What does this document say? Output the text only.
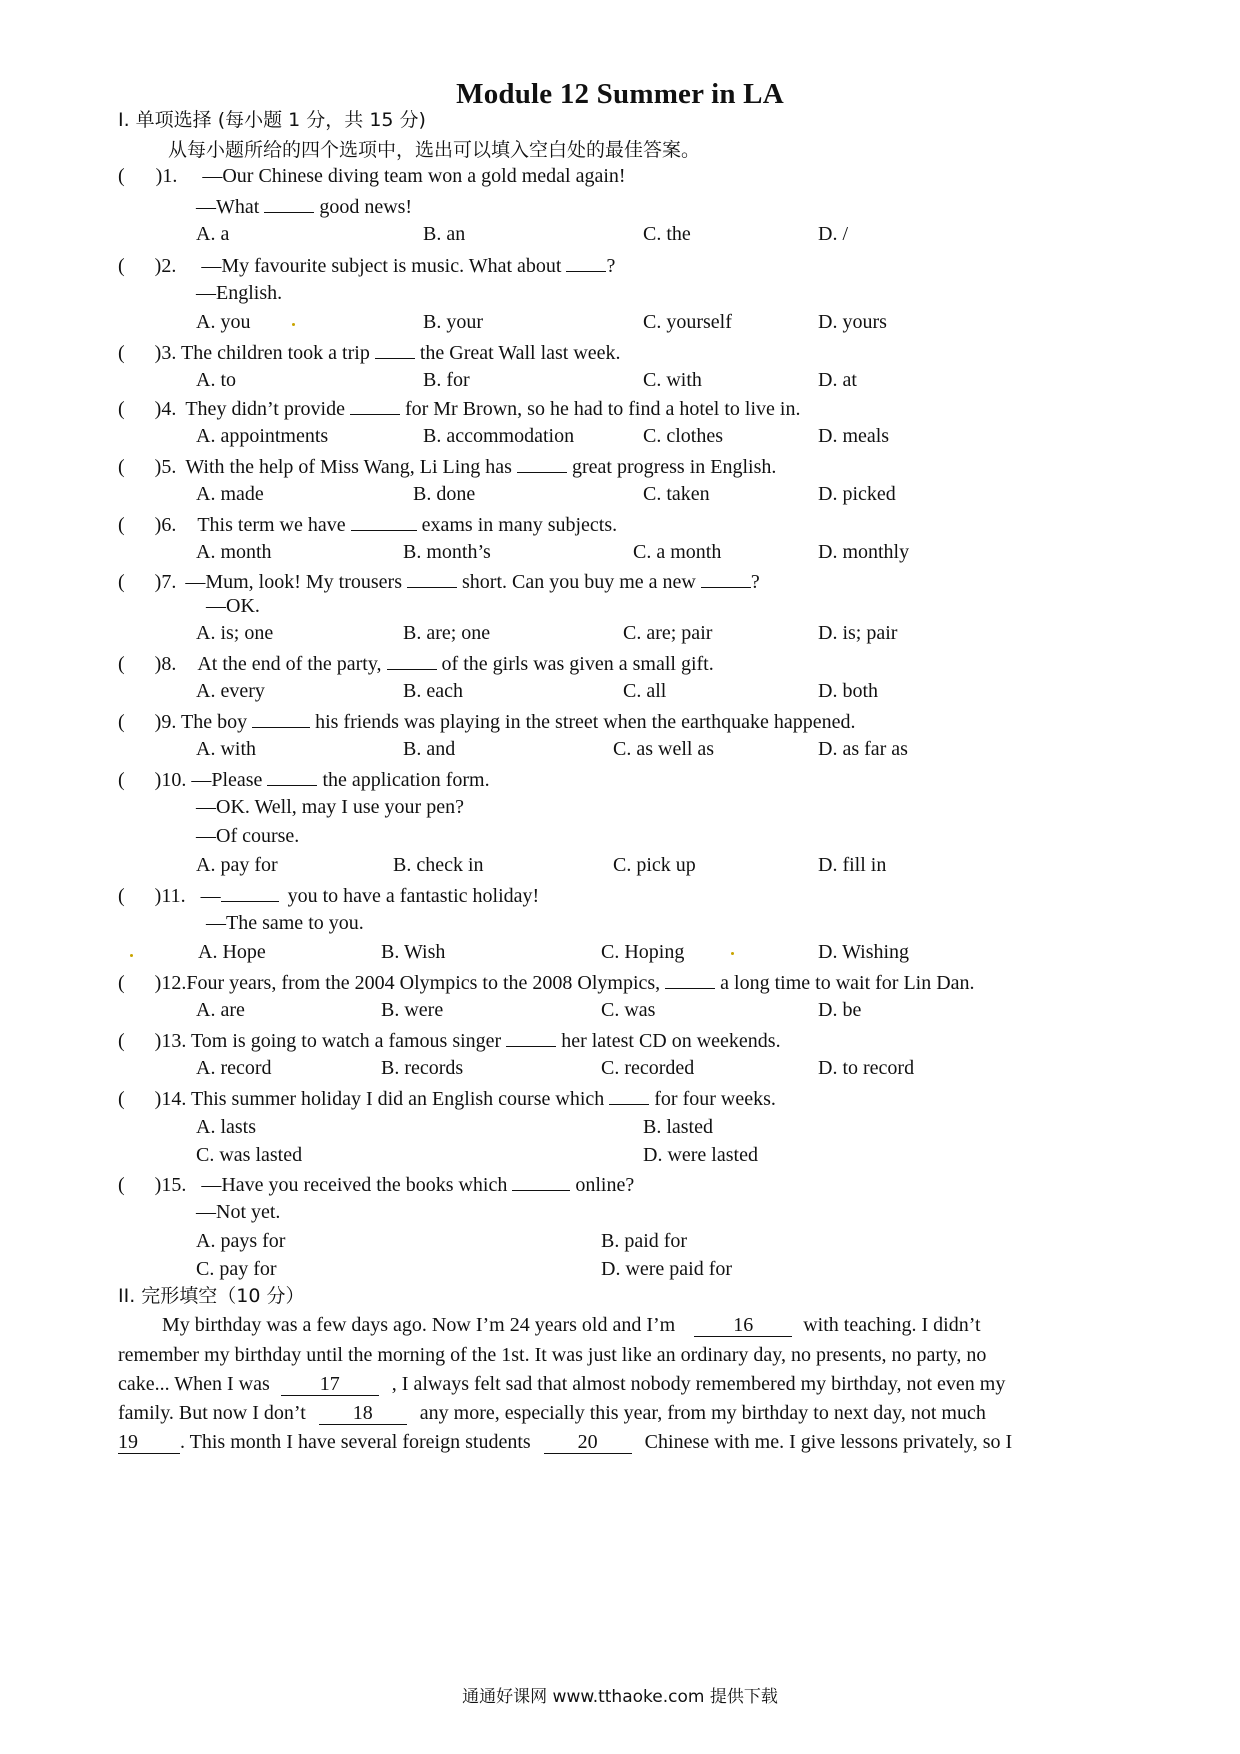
Module 12 Summer in LA
I. 单项选择 (每小题 1 分，共 15 分)
从每小题所给的四个选项中，选出可以填入空白处的最佳答案。
( )1. —Our Chinese diving team won a gold medal again!
—What	good news!
A. a	B. an	C. the	D. /
( )2. —My favourite subject is music. What about ?
—English.
A. you	B. your	C. yourself	D. yours
( )3. The children took a trip	the Great Wall last week.
A. to	B. for	C. with	D. at
( )4. They didn’t provide	for Mr Brown, so he had to find a hotel to live in.
A. appointments	B. accommodation	C. clothes	D. meals
( )5. With the help of Miss Wang, Li Ling has	great progress in English.
A. made	B. done	C. taken	D. picked
( )6. This term we have	exams in many subjects.
A. month	B. month’s	C. a month	D. monthly
( )7. —Mum, look! My trousers	short. Can you buy me a new	?
—OK.
A. is; one	B. are; one	C. are; pair	D. is; pair
( )8. At the end of the party,	of the girls was given a small gift.
A. every	B. each	C. all	D. both
( )9. The boy	his friends was playing in the street when the earthquake happened.
A. with	B. and	C. as well as	D. as far as
( )10. —Please	the application form.
—OK. Well, may I use your pen?
—Of course.
A. pay for	B. check in	C. pick up	D. fill in
( )11. —	you to have a fantastic holiday!
—The same to you.
A. Hope	B. Wish	C. Hoping	D. Wishing
( )12.Four years, from the 2004 Olympics to the 2008 Olympics,	a long time to wait for Lin Dan.
A. are	B. were	C. was	D. be
( )13. Tom is going to watch a famous singer	her latest CD on weekends.
A. record	B. records	C. recorded	D. to record
( )14. This summer holiday I did an English course which	for four weeks.
A. lasts	B. lasted
C. was lasted	D. were lasted
( )15. —Have you received the books which	online?
—Not yet.
A. pays for	B. paid for
C. pay for	D. were paid for
II. 完形填空（10 分）
My birthday was a few days ago. Now I’m 24 years old and I’m	16	with teaching. I didn’t
remember my birthday until the morning of the 1st. It was just like an ordinary day, no presents, no party, no
cake... When I was	17	, I always felt sad that almost nobody remembered my birthday, not even my
family. But now I don’t 18 any more, especially this year, from my birthday to next day, not much
19 . This month I have several foreign students 20 Chinese with me. I give lessons privately, so I
通通好课网 www.tthaoke.com 提供下载
